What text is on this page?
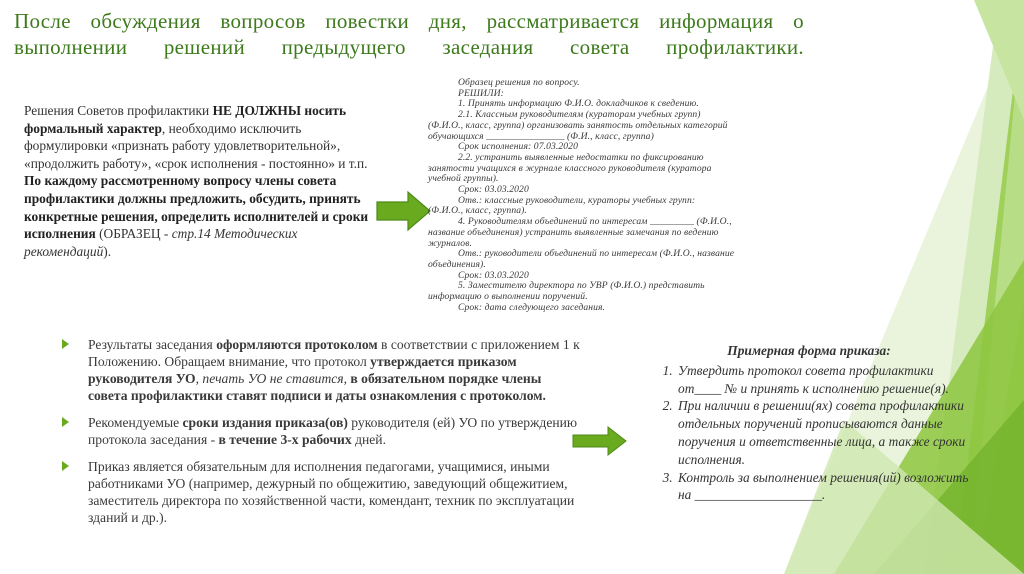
После обсуждения вопросов повестки дня, рассматривается информация о выполнении решений предыдущего заседания совета профилактики.
Решения Советов профилактики НЕ ДОЛЖНЫ носить формальный характер, необходимо исключить формулировки «признать работу удовлетворительной», «продолжить работу», «срок исполнения - постоянно» и т.п. По каждому рассмотренному вопросу члены совета профилактики должны предложить, обсудить, принять конкретные решения, определить исполнителей и сроки исполнения (ОБРАЗЕЦ - стр.14 Методических рекомендаций).
Образец решения по вопросу.
РЕШИЛИ:
1. Принять информацию Ф.И.О. докладчиков к сведению.
2.1. Классным руководителям (кураторам учебных групп)
(Ф.И.О., класс, группа) организовать занятость отдельных категорий
обучающихся ________________ (Ф.И., класс, группа)
Срок исполнения: 07.03.2020
2.2. устранить выявленные недостатки по фиксированию
занятости учащихся в журнале классного руководителя (куратора
учебной группы).
Срок: 03.03.2020
Отв.: классные руководители, кураторы учебных групп:
(Ф.И.О., класс, группа).
4. Руководителям объединений по интересам _________ (Ф.И.О.,
название объединения) устранить выявленные замечания по ведению
журналов.
Отв.: руководители объединений по интересам (Ф.И.О., название
объединения).
Срок: 03.03.2020
5. Заместителю директора по УВР (Ф.И.О.) представить
информацию о выполнении поручений.
Срок: дата следующего заседания.
Результаты заседания оформляются протоколом в соответствии с приложением 1 к Положению. Обращаем внимание, что протокол утверждается приказом руководителя УО, печать УО не ставится, в обязательном порядке члены совета профилактики ставят подписи и даты ознакомления с протоколом.
Рекомендуемые сроки издания приказа(ов) руководителя (ей) УО по утверждению протокола заседания - в течение 3-х рабочих дней.
Приказ является обязательным для исполнения педагогами, учащимися, иными работниками УО (например, дежурный по общежитию, заведующий общежитием, заместитель директора по хозяйственной части, комендант, техник по эксплуатации зданий и др.).
Примерная форма приказа:
1. Утвердить протокол совета профилактики от____ № и принять к исполнению решение(я).
2. При наличии в решении(ях) совета профилактики отдельных поручений прописываются данные поручения и ответственные лица, а также сроки исполнения.
3. Контроль за выполнением решения(ий) возложить на ___________________.
